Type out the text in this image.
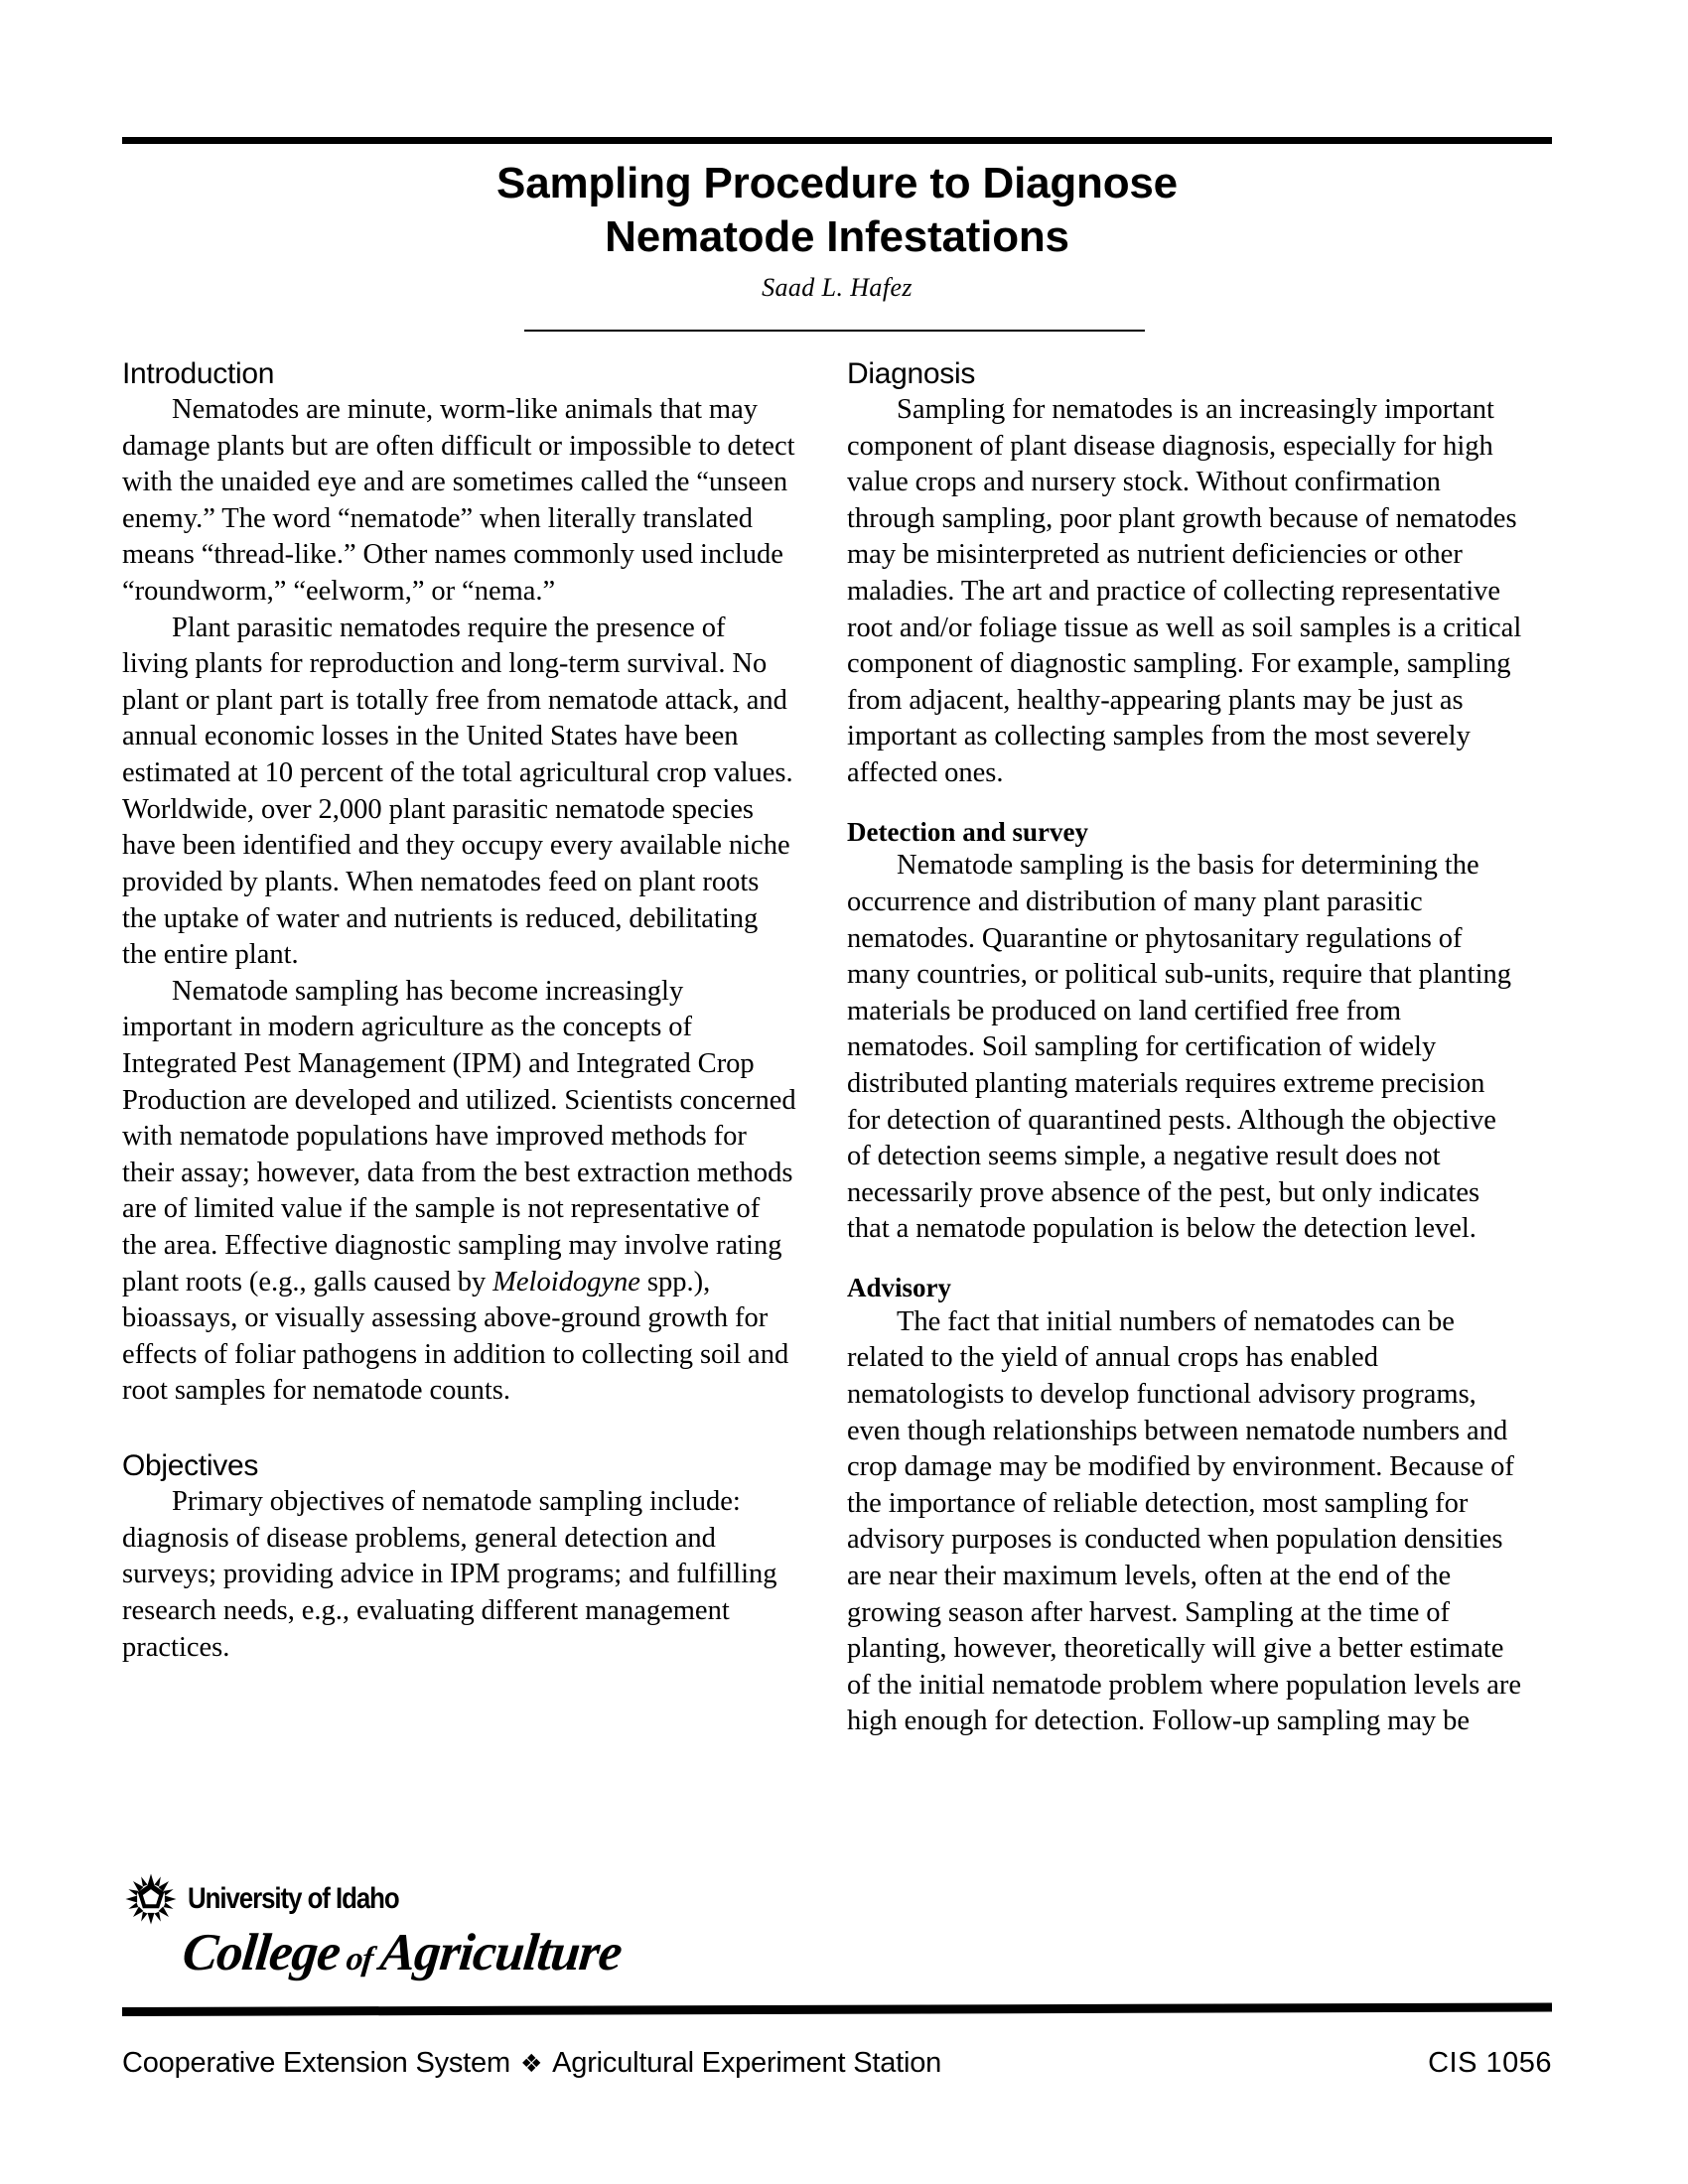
Sampling Procedure to Diagnose
Nematode Infestations
Saad L. Hafez
Introduction

Nematodes are minute, worm-like animals that may damage plants but are often difficult or impossible to detect with the unaided eye and are sometimes called the “unseen enemy.” The word “nematode” when literally translated means “thread-like.” Other names commonly used include “roundworm,” “eelworm,” or “nema.”

Plant parasitic nematodes require the presence of living plants for reproduction and long-term survival. No plant or plant part is totally free from nematode attack, and annual economic losses in the United States have been estimated at 10 percent of the total agricultural crop values. Worldwide, over 2,000 plant parasitic nematode species have been identified and they occupy every available niche provided by plants. When nematodes feed on plant roots the uptake of water and nutrients is reduced, debilitating the entire plant.

Nematode sampling has become increasingly important in modern agriculture as the concepts of Integrated Pest Management (IPM) and Integrated Crop Production are developed and utilized. Scientists concerned with nematode populations have improved methods for their assay; however, data from the best extraction methods are of limited value if the sample is not representative of the area. Effective diagnostic sampling may involve rating plant roots (e.g., galls caused by Meloidogyne spp.), bioassays, or visually assessing above-ground growth for effects of foliar pathogens in addition to collecting soil and root samples for nematode counts.

Objectives

Primary objectives of nematode sampling include: diagnosis of disease problems, general detection and surveys; providing advice in IPM programs; and fulfilling research needs, e.g., evaluating different management practices.

Diagnosis

Sampling for nematodes is an increasingly important component of plant disease diagnosis, especially for high value crops and nursery stock. Without confirmation through sampling, poor plant growth because of nematodes may be misinterpreted as nutrient deficiencies or other maladies. The art and practice of collecting representative root and/or foliage tissue as well as soil samples is a critical component of diagnostic sampling. For example, sampling from adjacent, healthy-appearing plants may be just as important as collecting samples from the most severely affected ones.

Detection and survey

Nematode sampling is the basis for determining the occurrence and distribution of many plant parasitic nematodes. Quarantine or phytosanitary regulations of many countries, or political sub-units, require that planting materials be produced on land certified free from nematodes. Soil sampling for certification of widely distributed planting materials requires extreme precision for detection of quarantined pests. Although the objective of detection seems simple, a negative result does not necessarily prove absence of the pest, but only indicates that a nematode population is below the detection level.

Advisory

The fact that initial numbers of nematodes can be related to the yield of annual crops has enabled nematologists to develop functional advisory programs, even though relationships between nematode numbers and crop damage may be modified by environment. Because of the importance of reliable detection, most sampling for advisory purposes is conducted when population densities are near their maximum levels, often at the end of the growing season after harvest. Sampling at the time of planting, however, theoretically will give a better estimate of the initial nematode problem where population levels are high enough for detection. Follow-up sampling may be

University of Idaho
College of Agriculture
Cooperative Extension System ❖ Agricultural Experiment Station	CIS 1056
